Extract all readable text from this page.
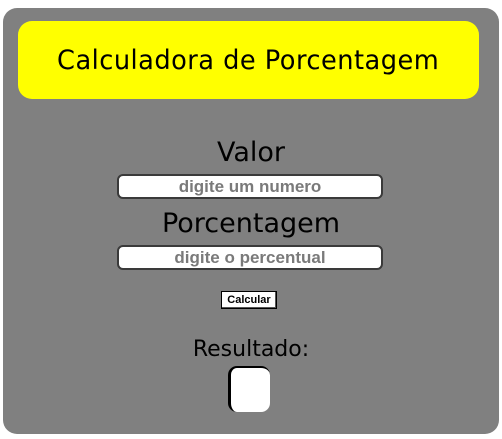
Calculadora de Porcentagem
Valor
digite um numero
Porcentagem
digite o percentual
Calcular
Resultado:
